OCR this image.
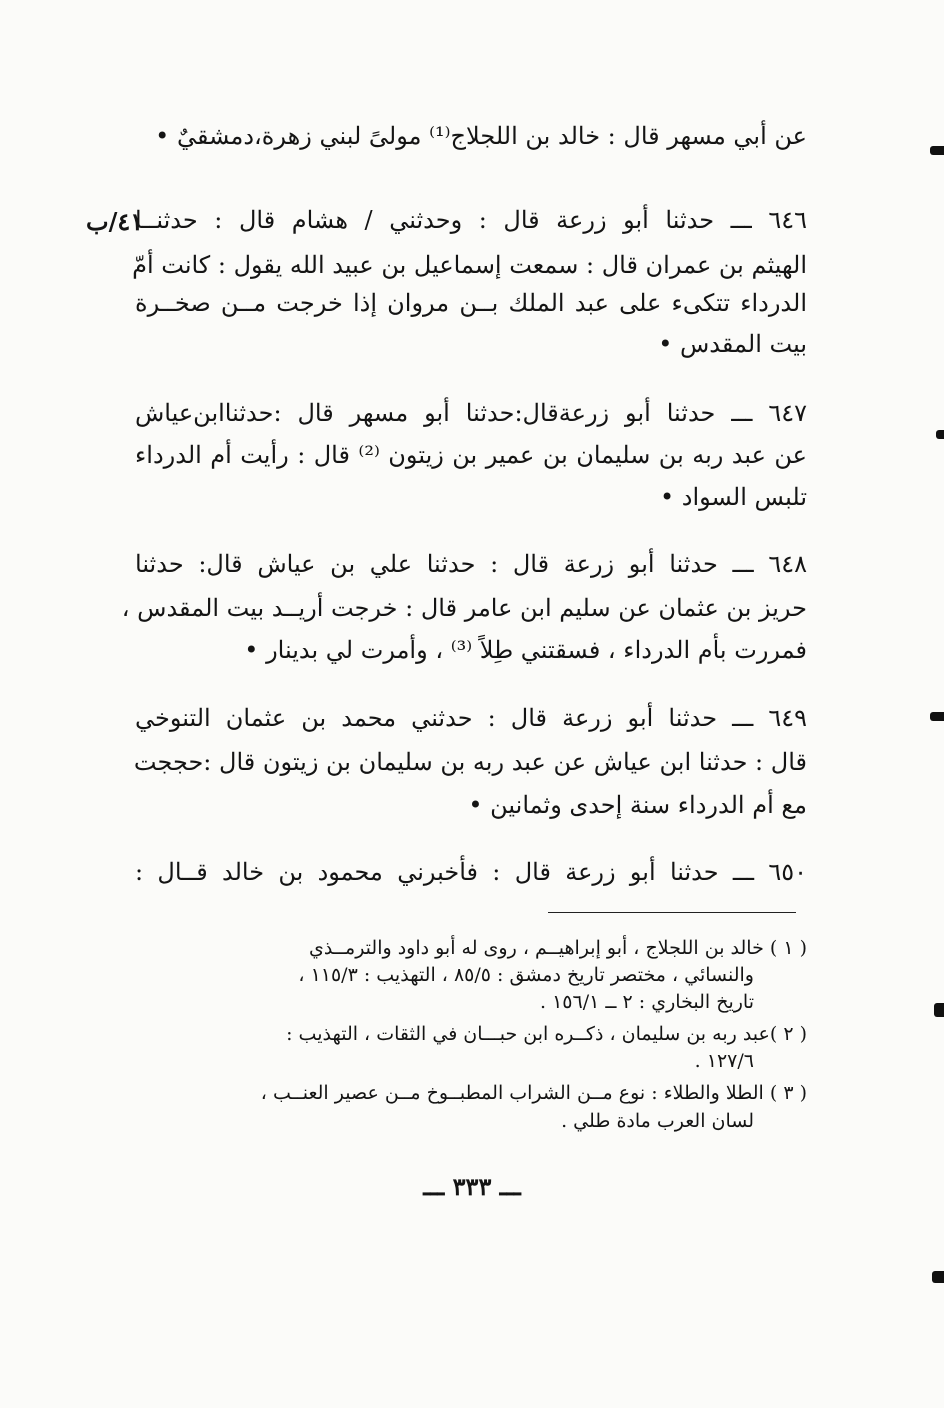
عن أبي مسهر قال : خالد بن اللجلاج⁽¹⁾ مولىً لبني زهرة،دمشقيٌ •
٤١/ب
٦٤٦ ـــ حدثنا أبو زرعة قال : وحدثني / هشام قال : حدثنــا
الهيثم بن عمران قال : سمعت إسماعيل بن عبيد الله يقول : كانت أمّ
الدرداء تتكىء على عبد الملك بــن مروان إذا خرجت مــن صخــرة
بيت المقدس •
٦٤٧ ـــ حدثنا أبو زرعةقال:حدثنا أبو مسهر قال :حدثناابن‌عياش
عن عبد ربه بن سليمان بن عمير بن زيتون ⁽²⁾ قال : رأيت أم الدرداء
تلبس السواد •
٦٤٨ ـــ حدثنا أبو زرعة قال : حدثنا علي بن عياش قال: حدثنا
حريز بن عثمان عن سليم ابن عامر قال : خرجت أريــد بيت المقدس ،
فمررت بأم الدرداء ، فسقتني طِلاً ⁽³⁾ ، وأمرت لي بدينار •
٦٤٩ ـــ حدثنا أبو زرعة قال : حدثني محمد بن عثمان التنوخي
قال : حدثنا ابن عياش عن عبد ربه بن سليمان بن زيتون قال :حججت
مع أم الدرداء سنة إحدى وثمانين •
٦٥٠ ـــ حدثنا أبو زرعة قال : فأخبرني محمود بن خالد قــال :
( ١ ) خالد بن اللجلاج ، أبو إبراهيــم ، روى له أبو داود والترمــذي
والنسائي ، مختصر تاريخ دمشق : ٨٥/٥ ، التهذيب : ١١٥/٣ ،
تاريخ البخاري : ٢ ــ ١٥٦/١ .
( ٢ )عبد ربه بن سليمان ، ذكــره ابن حبـــان في الثقات ، التهذيب :
١٢٧/٦ .
( ٣ ) الطلا والطلاء : نوع مــن الشراب المطبــوخ مــن عصير العنــب ،
لسان العرب مادة طلي .
ـــ ٣٣٣ ـــ
